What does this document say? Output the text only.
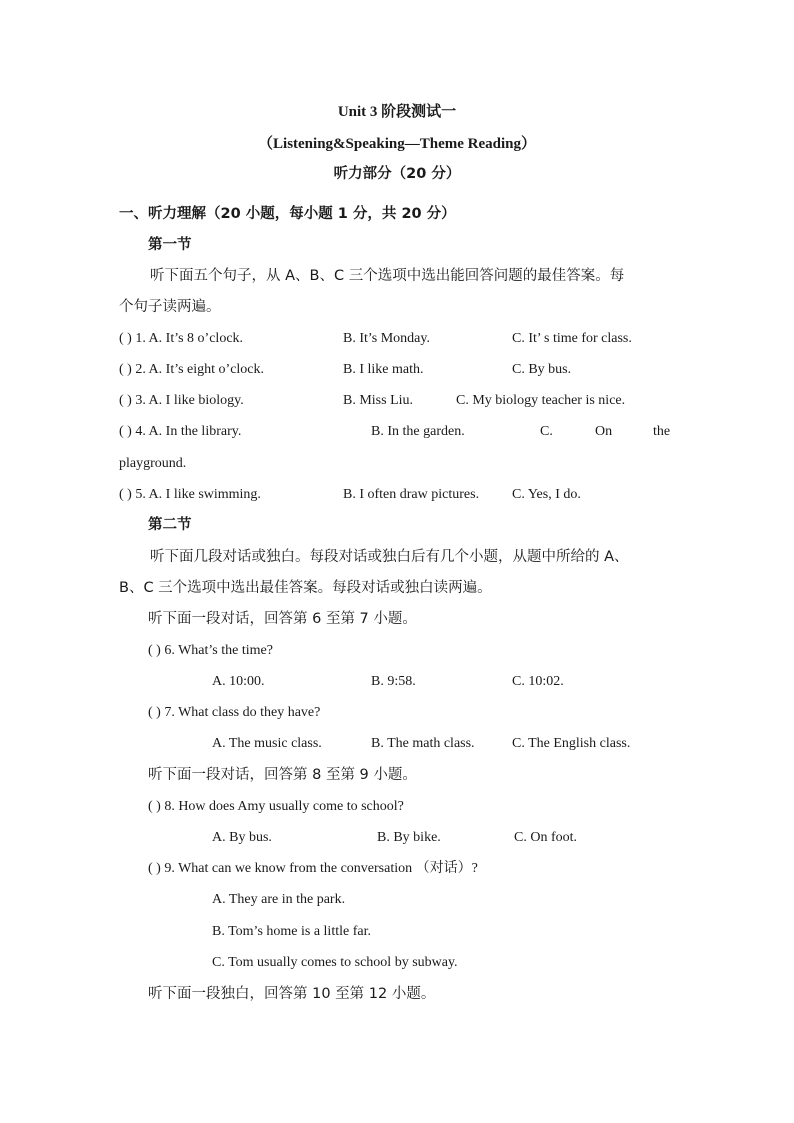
Unit 3 阶段测试一
（Listening&Speaking—Theme Reading）
听力部分（20 分）
一、听力理解（20 小题，每小题 1 分，共 20 分）
第一节
听下面五个句子，从 A、B、C 三个选项中选出能回答问题的最佳答案。每
个句子读两遍。
( ) 1. A. It’s 8 o’clock.	B. It’s Monday.	C. It’ s time for class.
( ) 2. A. It’s eight o’clock.	B. I like math.	C. By bus.
( ) 3. A. I like biology.	B. Miss Liu.	C. My biology teacher is nice.
( ) 4. A. In the library.	B. In the garden.	C.	On	the
playground.
( ) 5. A. I like swimming.	B. I often draw pictures. C. Yes, I do.
第二节
听下面几段对话或独白。每段对话或独白后有几个小题，从题中所给的 A、
B、C 三个选项中选出最佳答案。每段对话或独白读两遍。
听下面一段对话，回答第 6 至第 7 小题。
( ) 6. What’s the time?
A. 10:00.	B. 9:58.	C. 10:02.
( ) 7. What class do they have?
A. The music class.	B. The math class.	C. The English class.
听下面一段对话，回答第 8 至第 9 小题。
( ) 8. How does Amy usually come to school?
A. By bus.	B. By bike.	C. On foot.
( ) 9. What can we know from the conversation （对话）?
A. They are in the park.
B. Tom’s home is a little far.
C. Tom usually comes to school by subway.
听下面一段独白，回答第 10 至第 12 小题。
